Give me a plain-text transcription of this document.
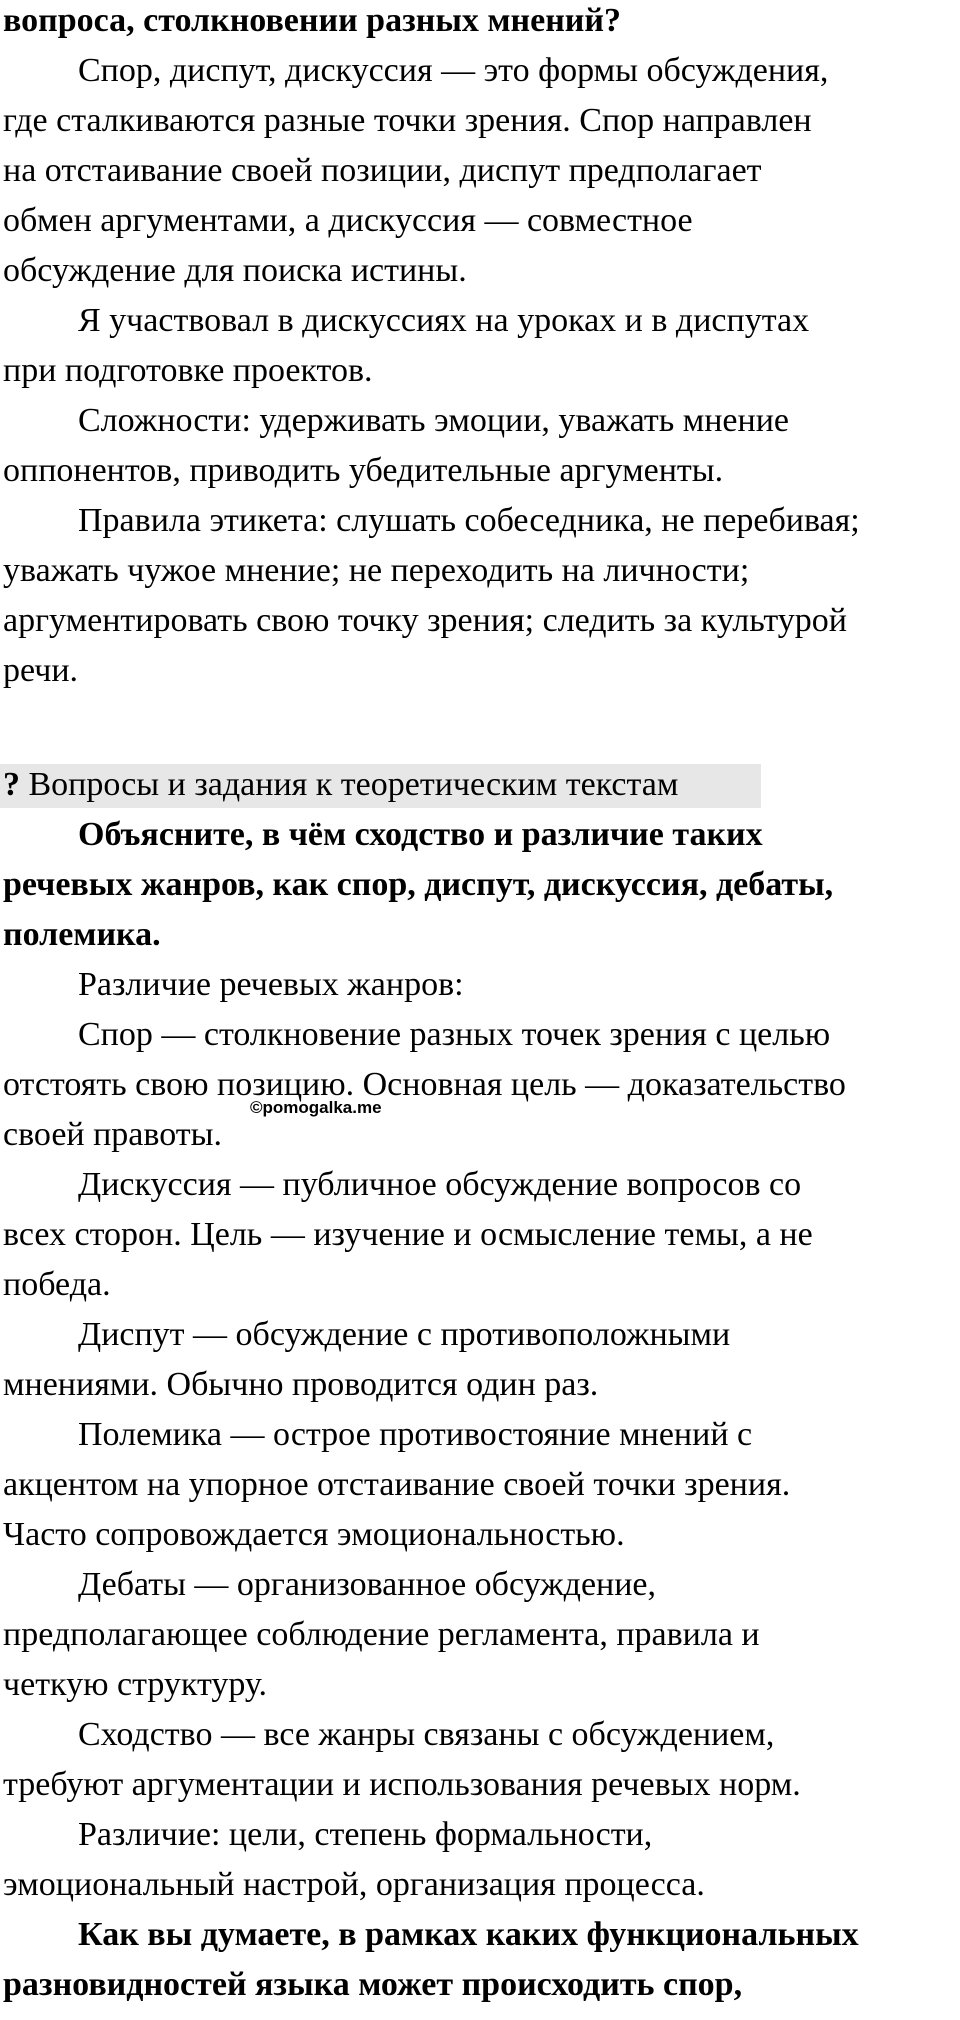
вопроса, столкновении разных мнений?
Спор, диспут, дискуссия — это формы обсуждения,
где сталкиваются разные точки зрения. Спор направлен
на отстаивание своей позиции, диспут предполагает
обмен аргументами, а дискуссия — совместное
обсуждение для поиска истины.
Я участвовал в дискуссиях на уроках и в диспутах
при подготовке проектов.
Сложности: удерживать эмоции, уважать мнение
оппонентов, приводить убедительные аргументы.
Правила этикета: слушать собеседника, не перебивая;
уважать чужое мнение; не переходить на личности;
аргументировать свою точку зрения; следить за культурой
речи.
? Вопросы и задания к теоретическим текстам
Объясните, в чём сходство и различие таких
речевых жанров, как спор, диспут, дискуссия, дебаты,
полемика.
Различие речевых жанров:
Спор — столкновение разных точек зрения с целью
отстоять свою позицию. Основная цель — доказательство
своей правоты.
Дискуссия — публичное обсуждение вопросов со
всех сторон. Цель — изучение и осмысление темы, а не
победа.
Диспут — обсуждение с противоположными
мнениями. Обычно проводится один раз.
Полемика — острое противостояние мнений с
акцентом на упорное отстаивание своей точки зрения.
Часто сопровождается эмоциональностью.
Дебаты — организованное обсуждение,
предполагающее соблюдение регламента, правила и
четкую структуру.
Сходство — все жанры связаны с обсуждением,
требуют аргументации и использования речевых норм.
Различие: цели, степень формальности,
эмоциональный настрой, организация процесса.
Как вы думаете, в рамках каких функциональных
разновидностей языка может происходить спор,
©pomogalka.me
